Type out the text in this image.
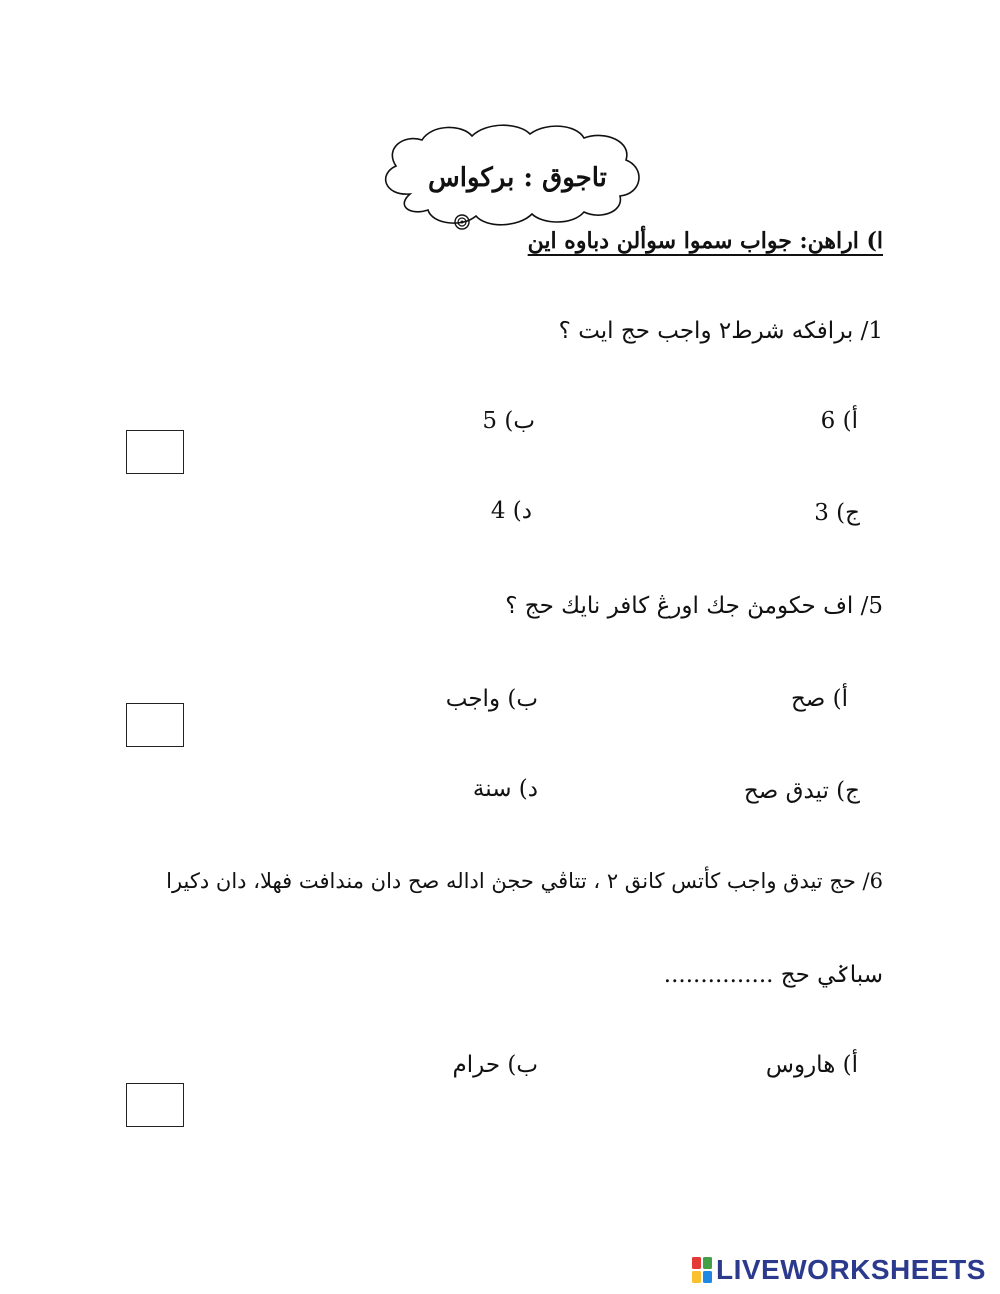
تاجوق : بركواس
ا) اراهن: جواب سموا سوألن دباوه اين
1/ برافكه شرط٢ واجب حج ايت ؟
أ) 6
ب) 5
ج) 3
د) 4
5/ اف حكومڽ جك اورڠ كافر نايك حج ؟
أ) صح
ب) واجب
ج) تيدق صح
د) سنة
6/ حج تيدق واجب كأتس كانق ٢ ، تتاڤي حجڽ اداله صح دان مندافت فهلا، دان دكيرا
سباݢي حج ...............
أ) هاروس
ب) حرام
LIVEWORKSHEETS
